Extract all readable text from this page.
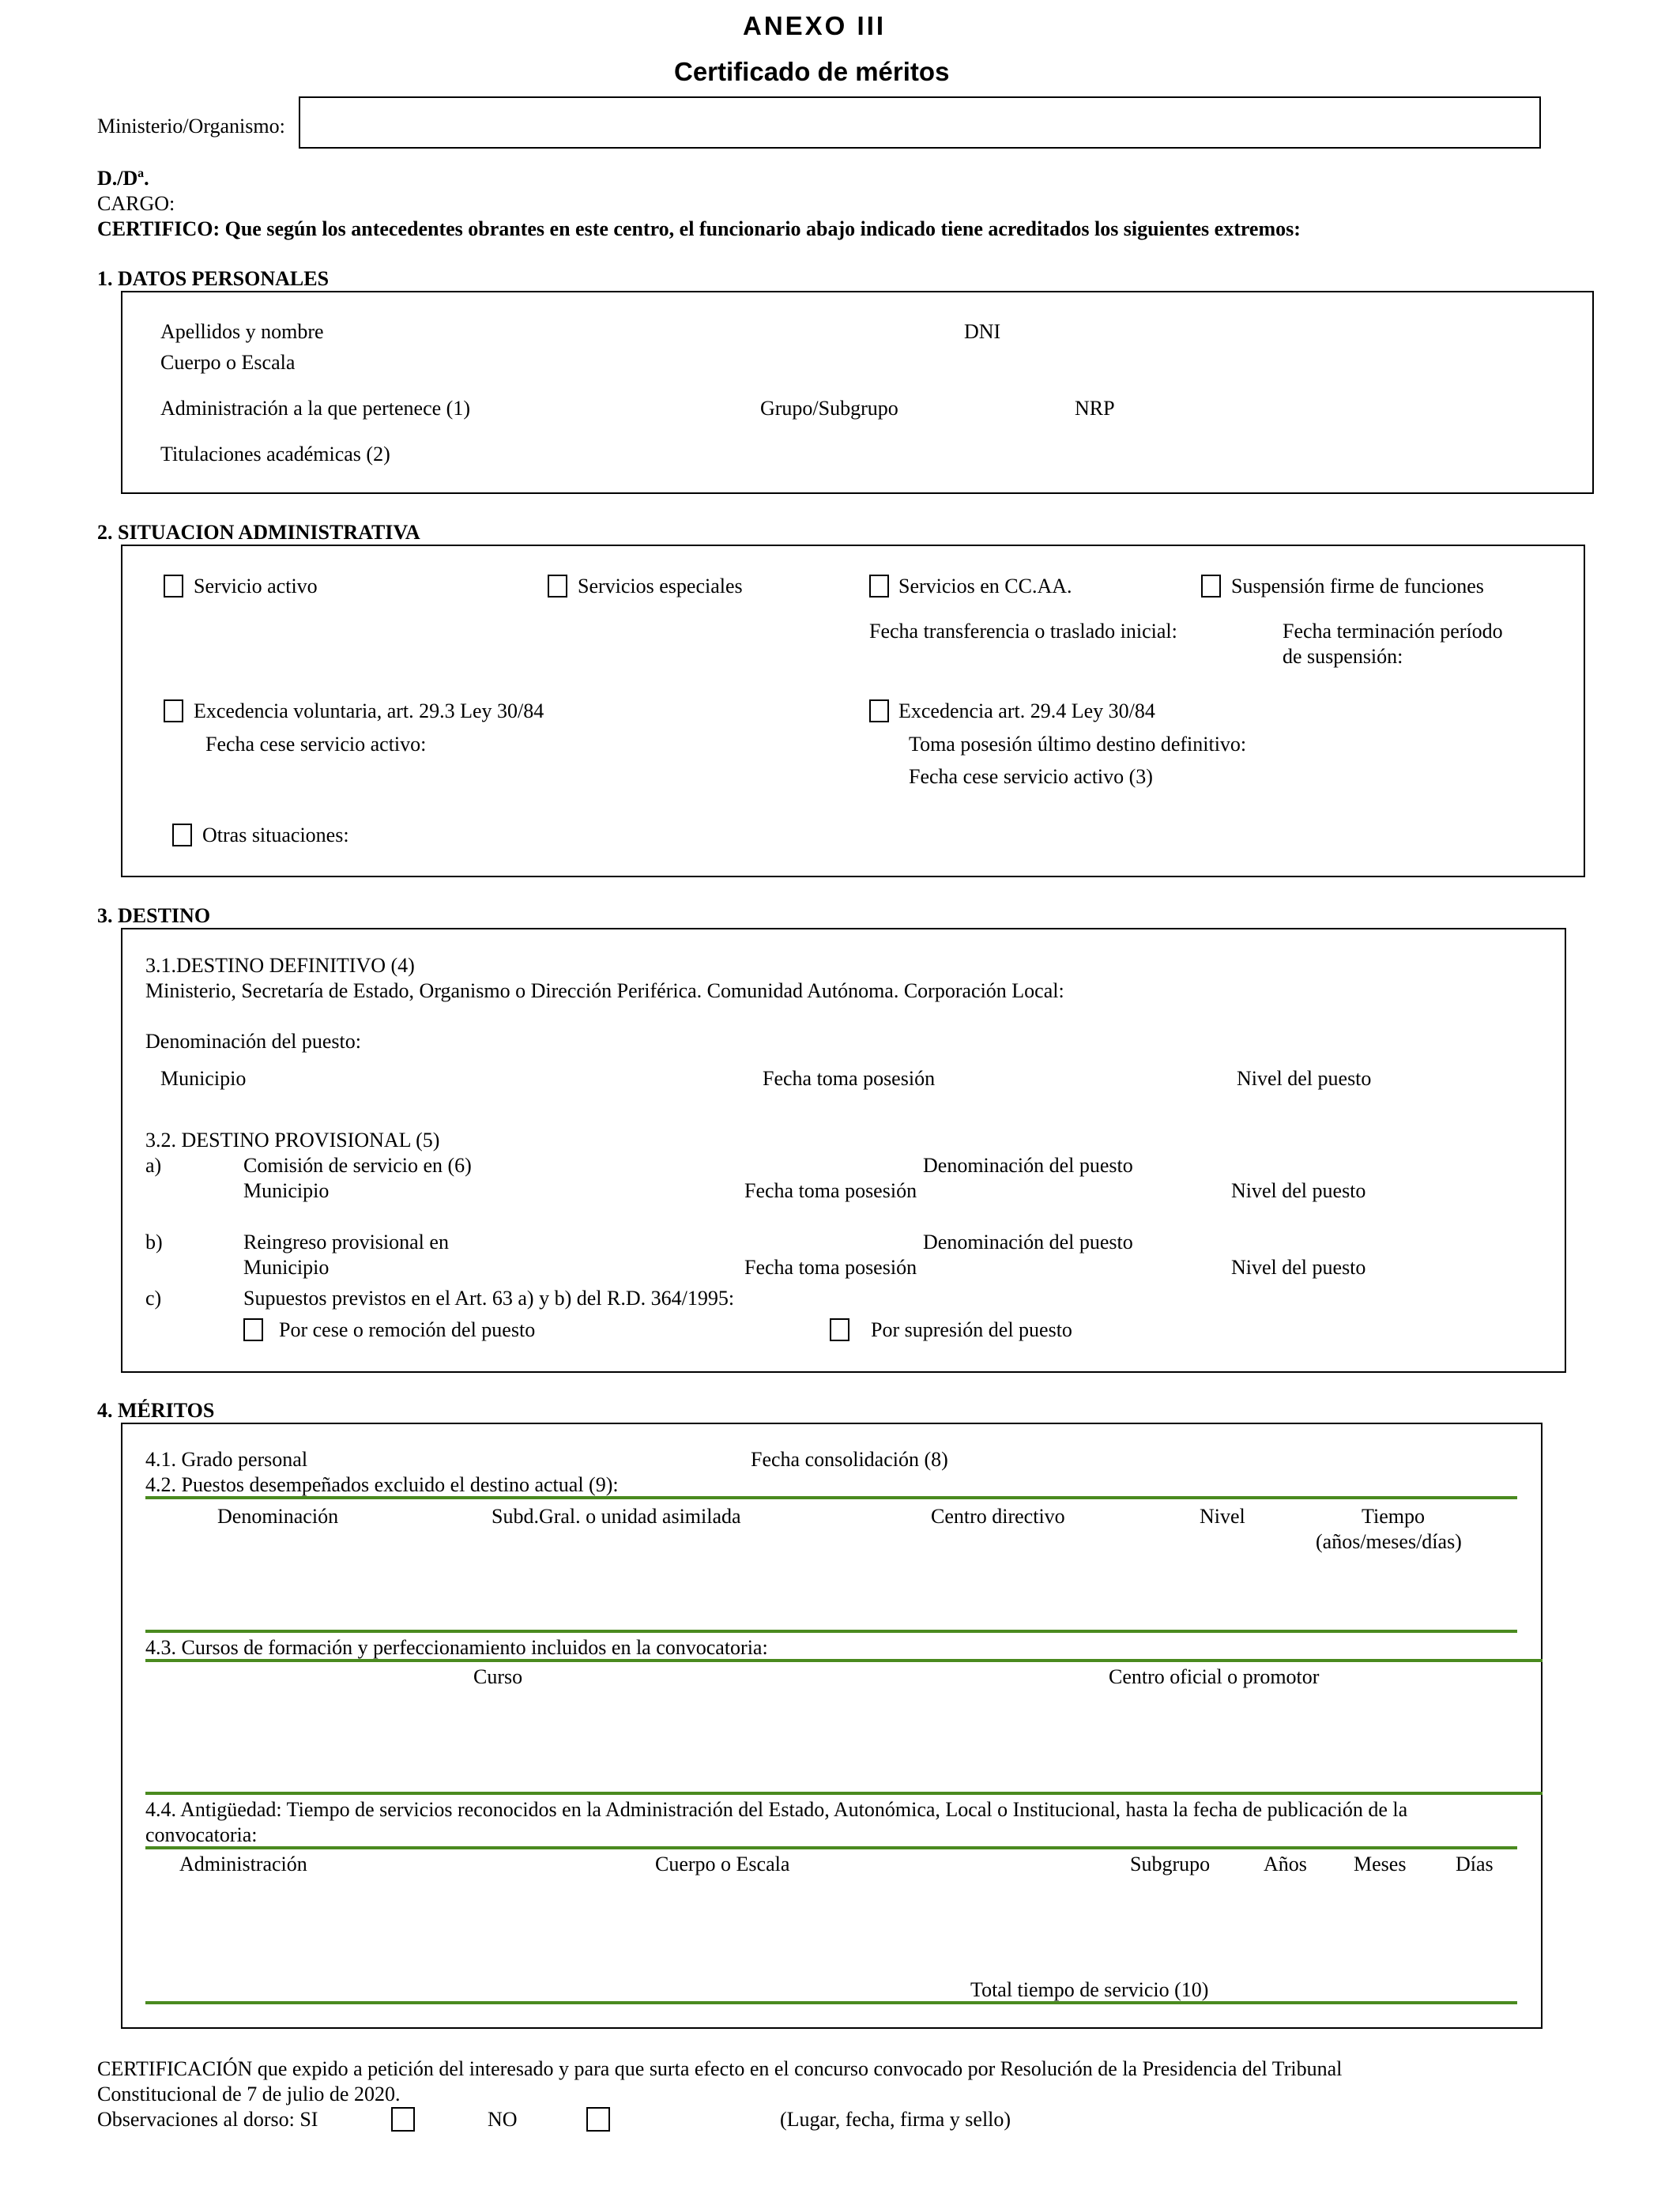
ANEXO III
Certificado de méritos
Ministerio/Organismo:
D./Dª.
CARGO:
CERTIFICO: Que según los antecedentes obrantes en este centro, el funcionario abajo indicado tiene acreditados los siguientes extremos:
1. DATOS PERSONALES
Apellidos y nombre	DNI
Cuerpo o Escala
Administración a la que pertenece (1)	Grupo/Subgrupo	NRP
Titulaciones académicas (2)
2. SITUACION ADMINISTRATIVA
Servicio activo	Servicios especiales	Servicios en CC.AA.	Suspensión firme de funciones
Fecha transferencia o traslado inicial:	Fecha terminación período
de suspensión:
Excedencia voluntaria, art. 29.3 Ley 30/84
Fecha cese servicio activo:
Excedencia art. 29.4 Ley 30/84
Toma posesión último destino definitivo:
Fecha cese servicio activo (3)
Otras situaciones:
3. DESTINO
3.1.DESTINO DEFINITIVO (4)
Ministerio, Secretaría de Estado, Organismo o Dirección Periférica. Comunidad Autónoma. Corporación Local:
Denominación del puesto:
Municipio	Fecha toma posesión	Nivel del puesto
3.2. DESTINO PROVISIONAL (5)
a)	Comisión de servicio en (6)	Denominación del puesto
Municipio	Fecha toma posesión	Nivel del puesto
b)	Reingreso provisional en	Denominación del puesto
Municipio	Fecha toma posesión	Nivel del puesto
c)	Supuestos previstos en el Art. 63 a) y b) del R.D. 364/1995:
Por cese o remoción del puesto	Por supresión del puesto
4. MÉRITOS
4.1. Grado personal	Fecha consolidación (8)
4.2. Puestos desempeñados excluido el destino actual (9):
Denominación	Subd.Gral. o unidad asimilada	Centro directivo	Nivel	Tiempo
(años/meses/días)
4.3. Cursos de formación y perfeccionamiento incluidos en la convocatoria:
Curso	Centro oficial o promotor
4.4. Antigüedad: Tiempo de servicios reconocidos en la Administración del Estado, Autonómica, Local o Institucional, hasta la fecha de publicación de la
convocatoria:
Administración	Cuerpo o Escala	Subgrupo	Años Meses Días
Total tiempo de servicio (10)
CERTIFICACIÓN que expido a petición del interesado y para que surta efecto en el concurso convocado por Resolución de la Presidencia del Tribunal
Constitucional de 7 de julio de 2020.
Observaciones al dorso: SI	NO	(Lugar, fecha, firma y sello)
